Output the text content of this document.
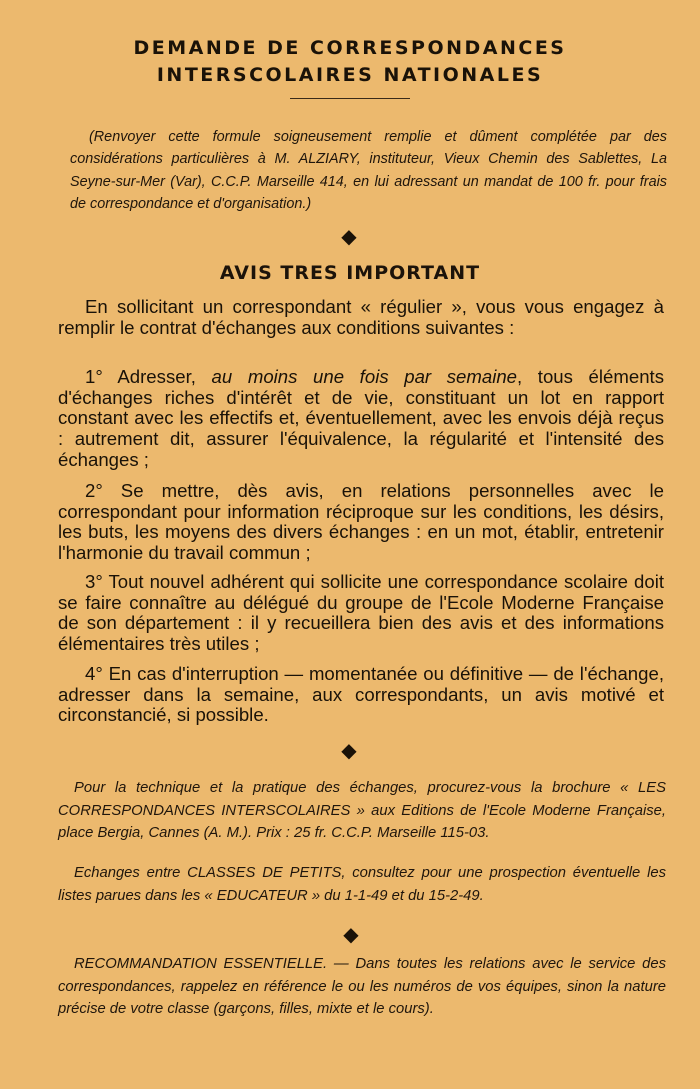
DEMANDE DE CORRESPONDANCES
INTERSCOLAIRES NATIONALES
(Renvoyer cette formule soigneusement remplie et dûment complétée par des considérations particulières à M. ALZIARY, instituteur, Vieux Chemin des Sablettes, La Seyne-sur-Mer (Var), C.C.P. Marseille 414, en lui adressant un mandat de 100 fr. pour frais de correspondance et d'organisation.)
◆
AVIS TRES IMPORTANT
En sollicitant un correspondant « régulier », vous vous engagez à remplir le contrat d'échanges aux conditions suivantes :
1° Adresser, au moins une fois par semaine, tous éléments d'échanges riches d'intérêt et de vie, constituant un lot en rapport constant avec les effectifs et, éventuellement, avec les envois déjà reçus : autrement dit, assurer l'équivalence, la régularité et l'intensité des échanges ;
2° Se mettre, dès avis, en relations personnelles avec le correspondant pour information réciproque sur les conditions, les désirs, les buts, les moyens des divers échanges : en un mot, établir, entretenir l'harmonie du travail commun ;
3° Tout nouvel adhérent qui sollicite une correspondance scolaire doit se faire connaître au délégué du groupe de l'Ecole Moderne Française de son département : il y recueillera bien des avis et des informations élémentaires très utiles ;
4° En cas d'interruption — momentanée ou définitive — de l'échange, adresser dans la semaine, aux correspondants, un avis motivé et circonstancié, si possible.
◆
Pour la technique et la pratique des échanges, procurez-vous la brochure « LES CORRESPONDANCES INTERSCOLAIRES » aux Editions de l'Ecole Moderne Française, place Bergia, Cannes (A. M.). Prix : 25 fr. C.C.P. Marseille 115-03.
Echanges entre CLASSES DE PETITS, consultez pour une prospection éventuelle les listes parues dans les « EDUCATEUR » du 1-1-49 et du 15-2-49.
◆
RECOMMANDATION ESSENTIELLE. — Dans toutes les relations avec le service des correspondances, rappelez en référence le ou les numéros de vos équipes, sinon la nature précise de votre classe (garçons, filles, mixte et le cours).
